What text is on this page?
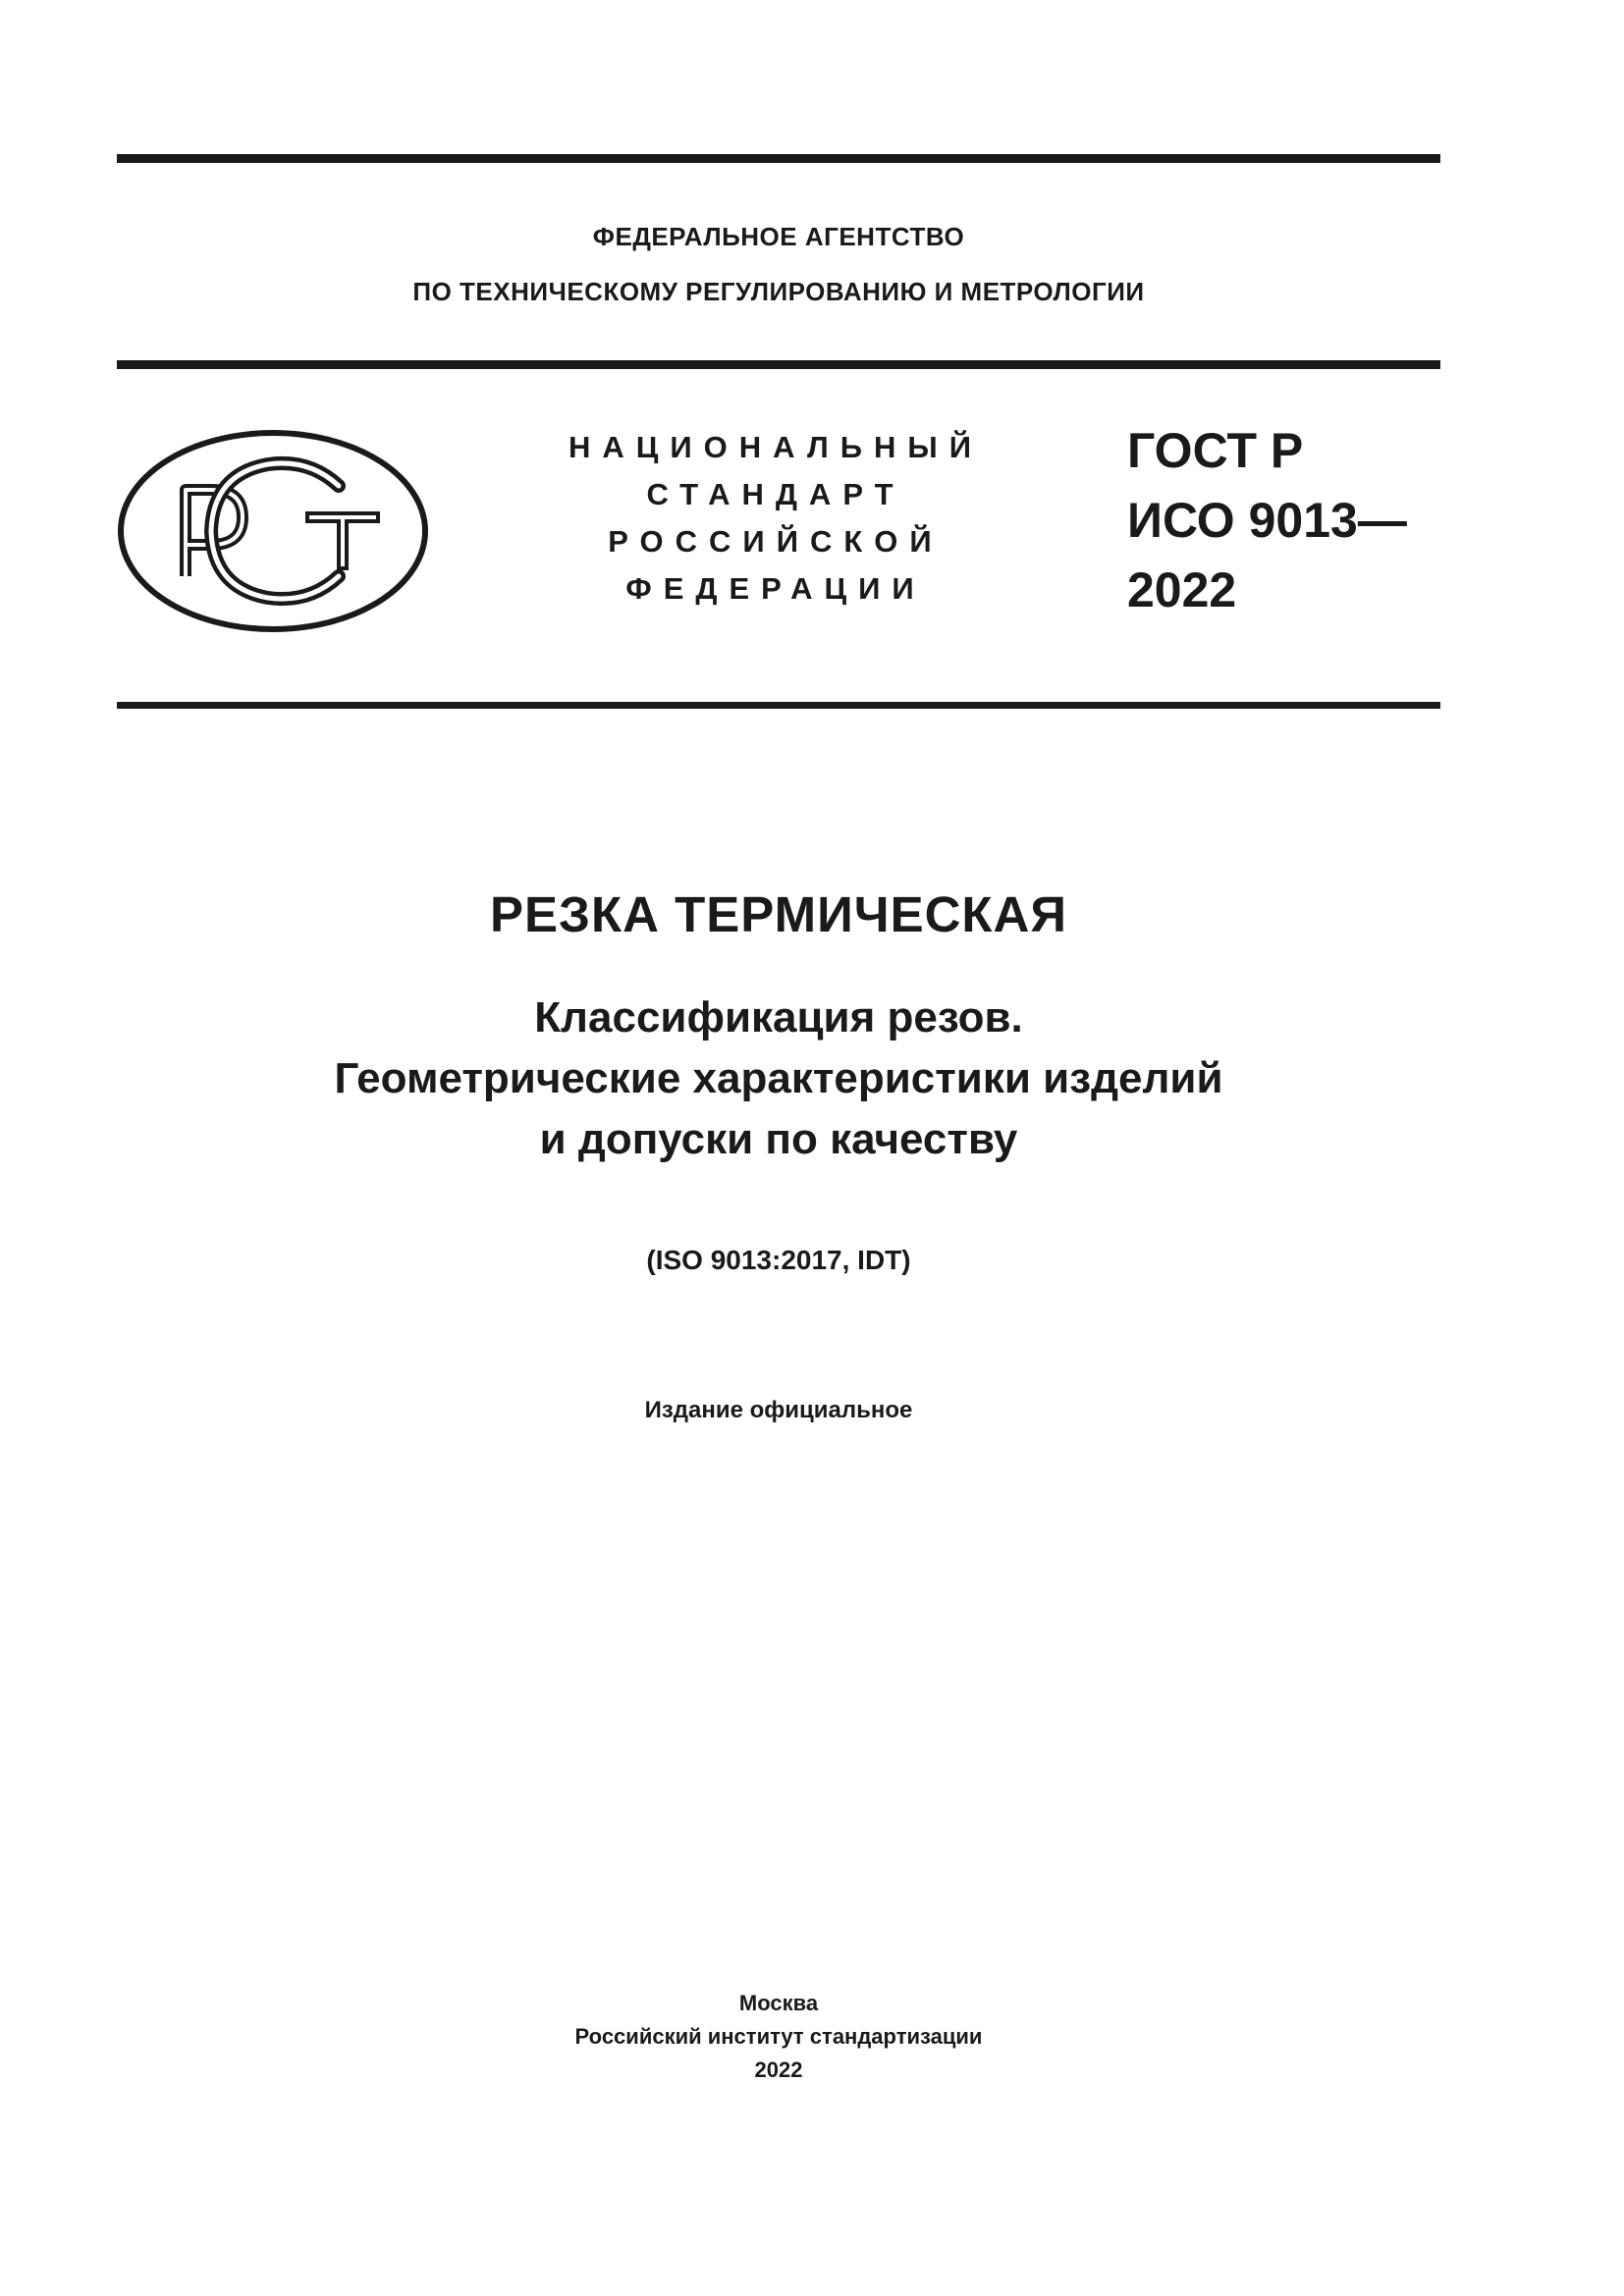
ФЕДЕРАЛЬНОЕ АГЕНТСТВО
ПО ТЕХНИЧЕСКОМУ РЕГУЛИРОВАНИЮ И МЕТРОЛОГИИ
НАЦИОНАЛЬНЫЙ
СТАНДАРТ
РОССИЙСКОЙ
ФЕДЕРАЦИИ
ГОСТ Р
ИСО 9013—
2022
РЕЗКА ТЕРМИЧЕСКАЯ
Классификация резов.
Геометрические характеристики изделий
и допуски по качеству
(ISO 9013:2017, IDT)
Издание официальное
Москва
Российский институт стандартизации
2022
